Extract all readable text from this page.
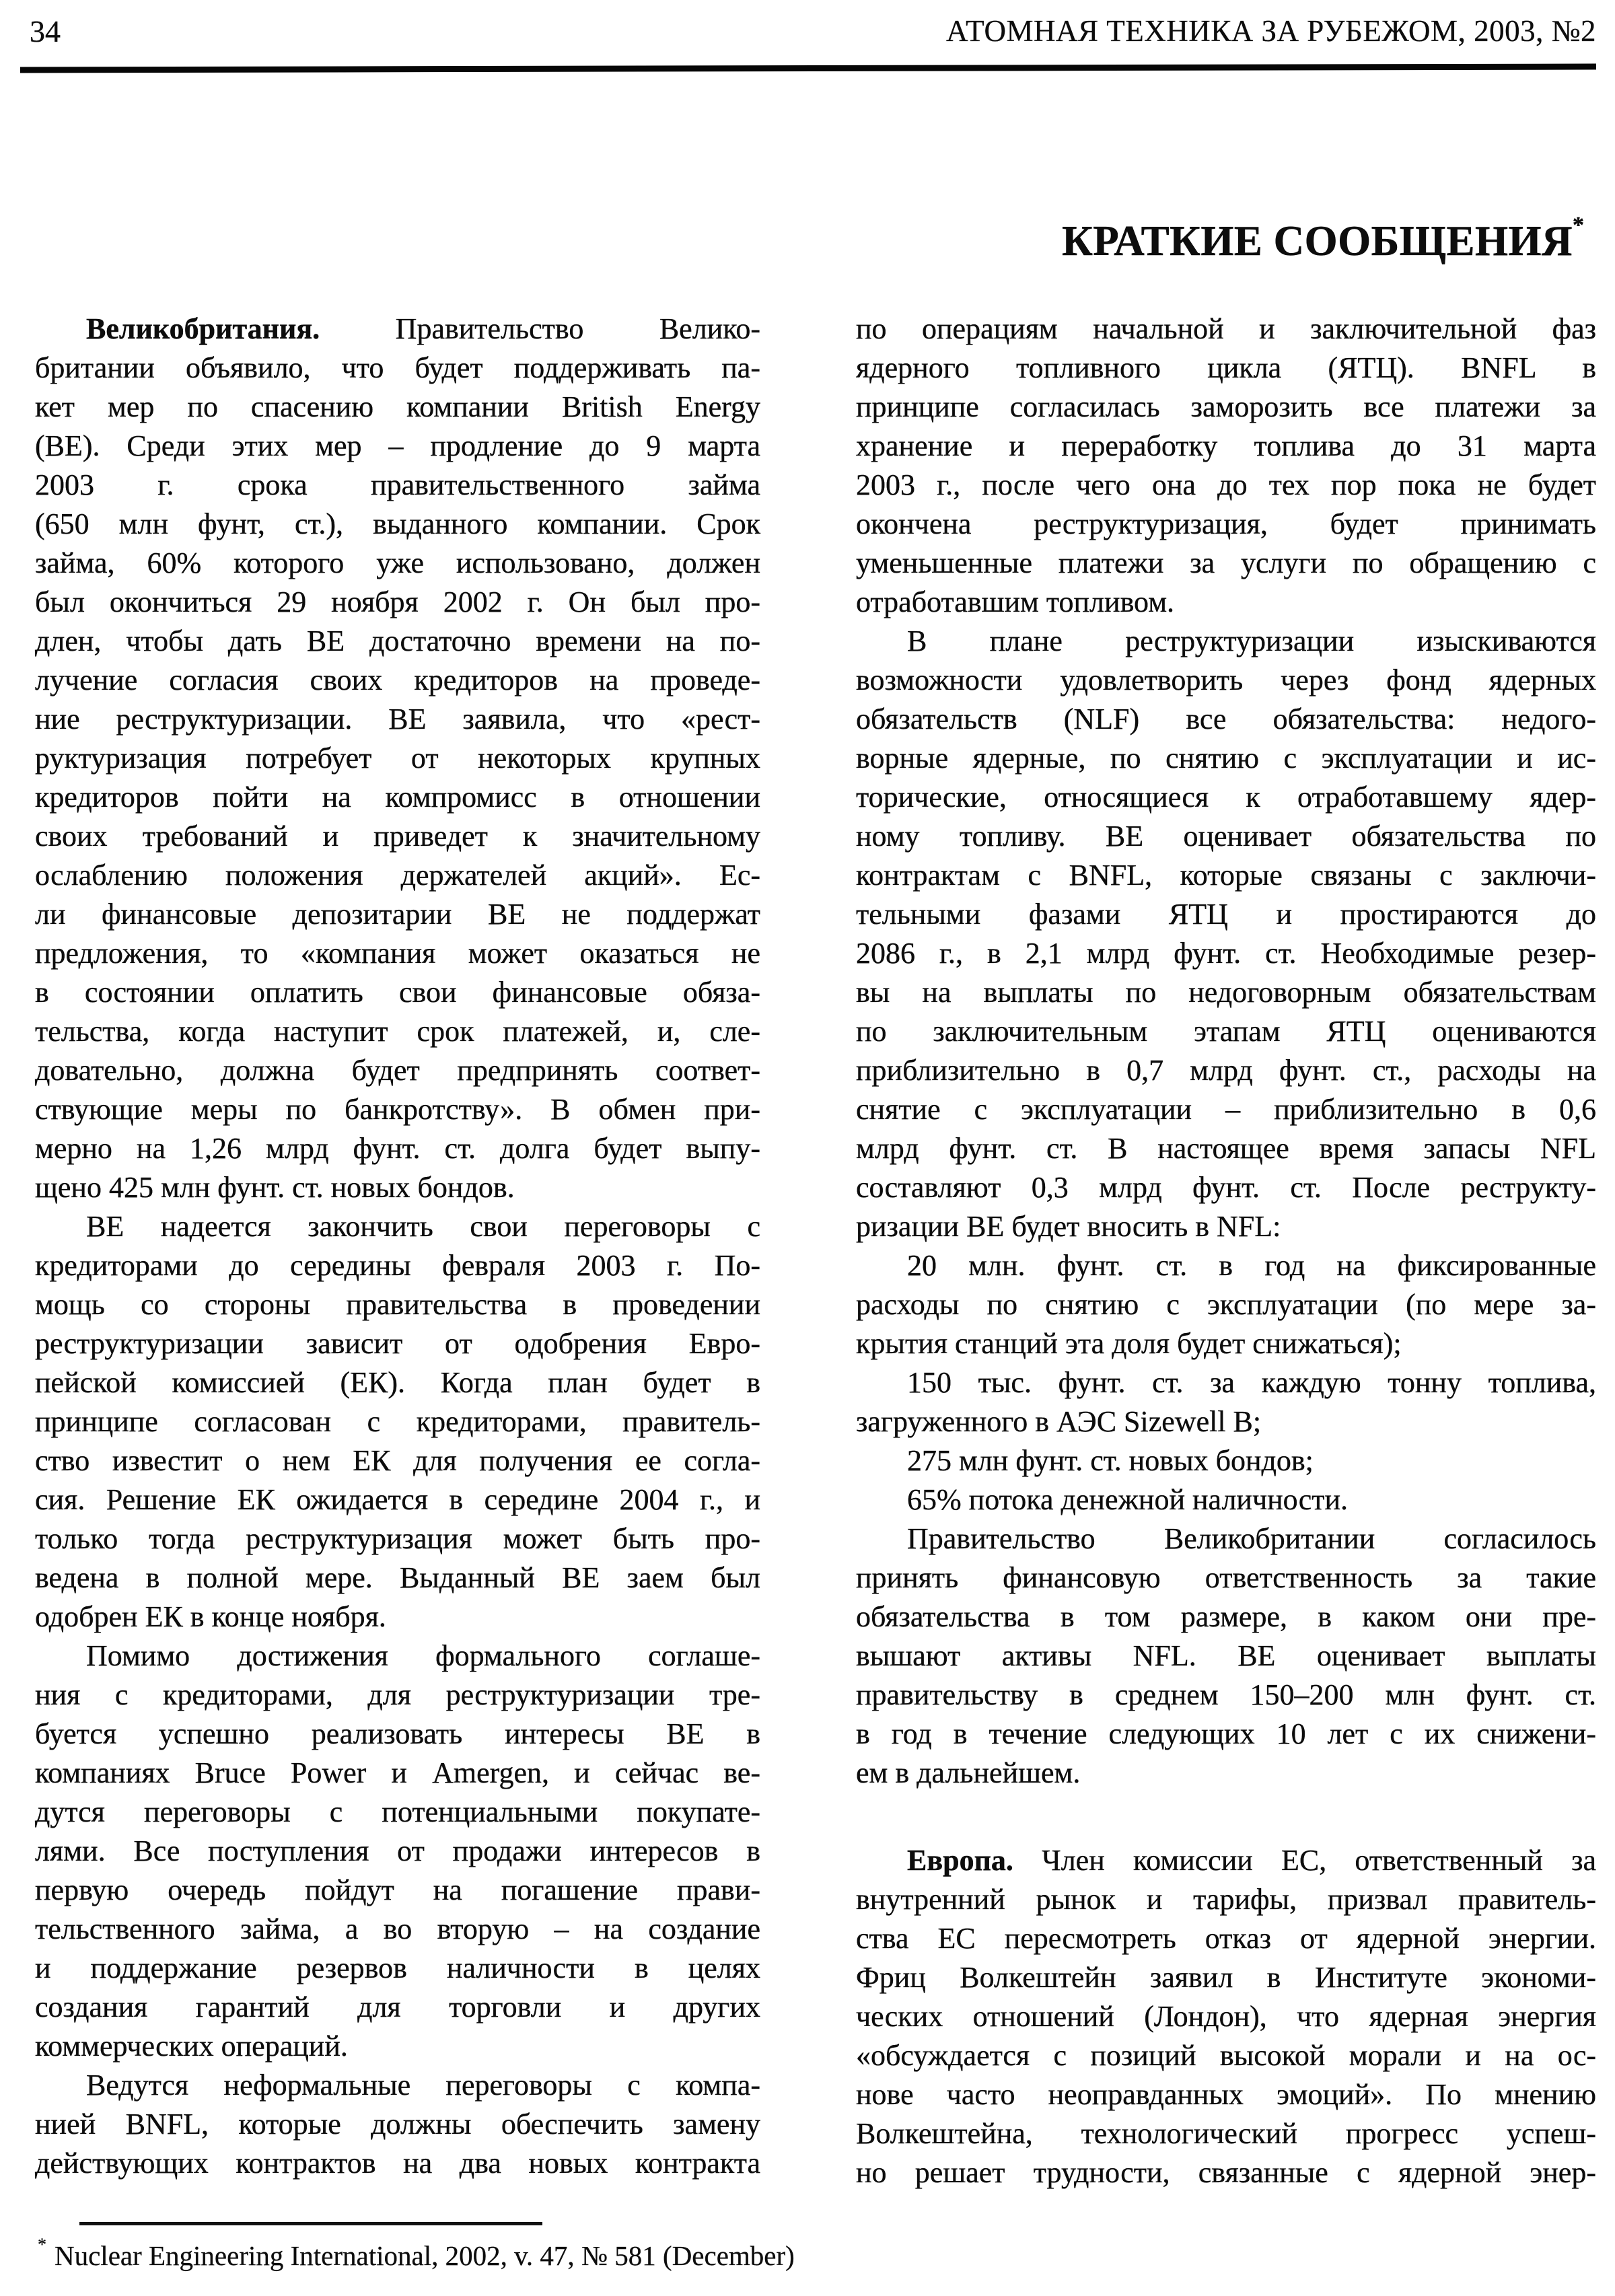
34	АТОМНАЯ ТЕХНИКА ЗА РУБЕЖОМ, 2003, №2
КРАТКИЕ СООБЩЕНИЯ*
Великобритания. Правительство Велико-
британии объявило, что будет поддерживать па-
кет мер по спасению компании British Energy
(BE). Среди этих мер – продление до 9 марта
2003 г. срока правительственного займа
(650 млн фунт, ст.), выданного компании. Срок
займа, 60% которого уже использовано, должен
был окончиться 29 ноября 2002 г. Он был про-
длен, чтобы дать BE достаточно времени на по-
лучение согласия своих кредиторов на проведе-
ние реструктуризации. BE заявила, что «рест-
руктуризация потребует от некоторых крупных
кредиторов пойти на компромисс в отношении
своих требований и приведет к значительному
ослаблению положения держателей акций». Ес-
ли финансовые депозитарии BE не поддержат
предложения, то «компания может оказаться не
в состоянии оплатить свои финансовые обяза-
тельства, когда наступит срок платежей, и, сле-
довательно, должна будет предпринять соответ-
ствующие меры по банкротству». В обмен при-
мерно на 1,26 млрд фунт. ст. долга будет выпу-
щено 425 млн фунт. ст. новых бондов.
BE надеется закончить свои переговоры с
кредиторами до середины февраля 2003 г. По-
мощь со стороны правительства в проведении
реструктуризации зависит от одобрения Евро-
пейской комиссией (ЕК). Когда план будет в
принципе согласован с кредиторами, правитель-
ство известит о нем ЕК для получения ее согла-
сия. Решение ЕК ожидается в середине 2004 г., и
только тогда реструктуризация может быть про-
ведена в полной мере. Выданный BE заем был
одобрен ЕК в конце ноября.
Помимо достижения формального соглаше-
ния с кредиторами, для реструктуризации тре-
буется успешно реализовать интересы BE в
компаниях Bruce Power и Amergen, и сейчас ве-
дутся переговоры с потенциальными покупате-
лями. Все поступления от продажи интересов в
первую очередь пойдут на погашение прави-
тельственного займа, а во вторую – на создание
и поддержание резервов наличности в целях
создания гарантий для торговли и других
коммерческих операций.
Ведутся неформальные переговоры с компа-
нией BNFL, которые должны обеспечить замену
действующих контрактов на два новых контракта
по операциям начальной и заключительной фаз
ядерного топливного цикла (ЯТЦ). BNFL в
принципе согласилась заморозить все платежи за
хранение и переработку топлива до 31 марта
2003 г., после чего она до тех пор пока не будет
окончена реструктуризация, будет принимать
уменьшенные платежи за услуги по обращению с
отработавшим топливом.
В плане реструктуризации изыскиваются
возможности удовлетворить через фонд ядерных
обязательств (NLF) все обязательства: недого-
ворные ядерные, по снятию с эксплуатации и ис-
торические, относящиеся к отработавшему ядер-
ному топливу. BE оценивает обязательства по
контрактам с BNFL, которые связаны с заключи-
тельными фазами ЯТЦ и простираются до
2086 г., в 2,1 млрд фунт. ст. Необходимые резер-
вы на выплаты по недоговорным обязательствам
по заключительным этапам ЯТЦ оцениваются
приблизительно в 0,7 млрд фунт. ст., расходы на
снятие с эксплуатации – приблизительно в 0,6
млрд фунт. ст. В настоящее время запасы NFL
составляют 0,3 млрд фунт. ст. После реструкту-
ризации BE будет вносить в NFL:
20 млн. фунт. ст. в год на фиксированные
расходы по снятию с эксплуатации (по мере за-
крытия станций эта доля будет снижаться);
150 тыс. фунт. ст. за каждую тонну топлива,
загруженного в АЭС Sizewell B;
275 млн фунт. ст. новых бондов;
65% потока денежной наличности.
Правительство Великобритании согласилось
принять финансовую ответственность за такие
обязательства в том размере, в каком они пре-
вышают активы NFL. BE оценивает выплаты
правительству в среднем 150–200 млн фунт. ст.
в год в течение следующих 10 лет с их снижени-
ем в дальнейшем.
Европа. Член комиссии ЕС, ответственный за
внутренний рынок и тарифы, призвал правитель-
ства ЕС пересмотреть отказ от ядерной энергии.
Фриц Волкештейн заявил в Институте экономи-
ческих отношений (Лондон), что ядерная энергия
«обсуждается с позиций высокой морали и на ос-
нове часто неоправданных эмоций». По мнению
Волкештейна, технологический прогресс успеш-
но решает трудности, связанные с ядерной энер-
* Nuclear Engineering International, 2002, v. 47, № 581 (December)
